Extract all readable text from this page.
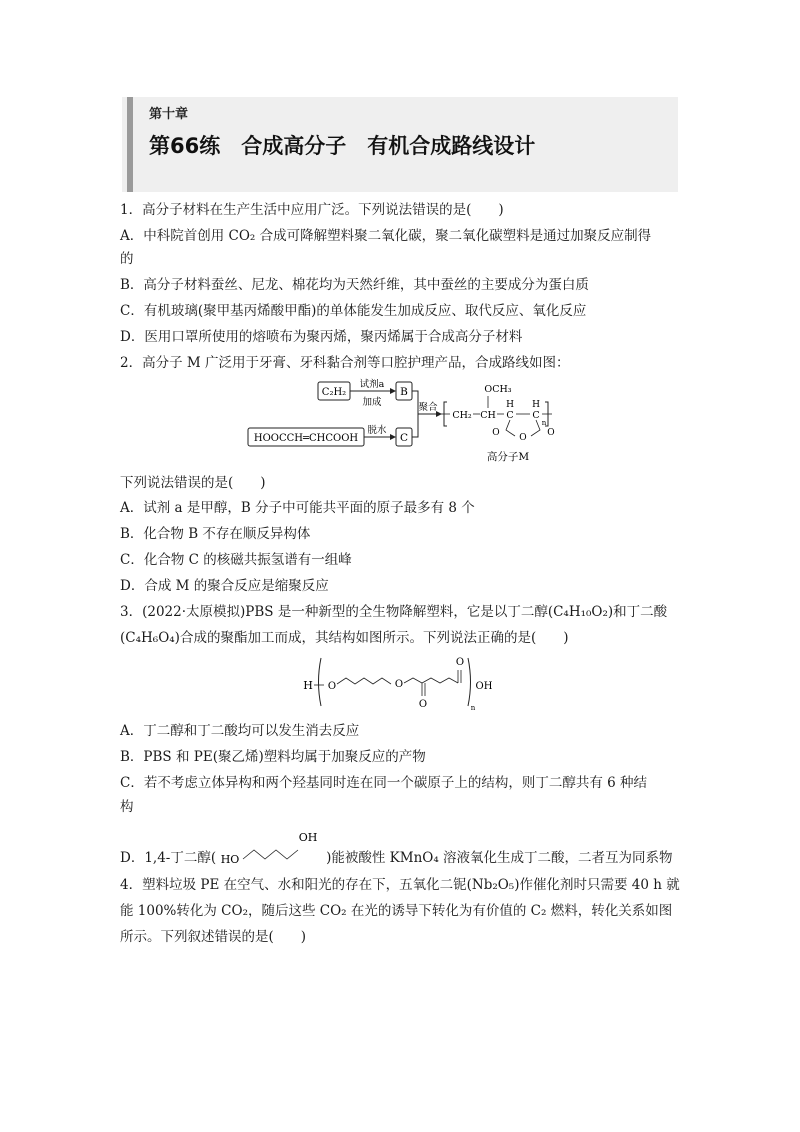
第十章
第66练　合成高分子　有机合成路线设计
1．高分子材料在生产生活中应用广泛。下列说法错误的是(　　)
A．中科院首创用 CO₂ 合成可降解塑料聚二氧化碳，聚二氧化碳塑料是通过加聚反应制得
的
B．高分子材料蚕丝、尼龙、棉花均为天然纤维，其中蚕丝的主要成分为蛋白质
C．有机玻璃(聚甲基丙烯酸甲酯)的单体能发生加成反应、取代反应、氧化反应
D．医用口罩所使用的熔喷布为聚丙烯，聚丙烯属于合成高分子材料
2．高分子 M 广泛用于牙膏、牙科黏合剂等口腔护理产品，合成路线如图：
C₂H₂
试剂a
加成
B
HOOCCH═CHCOOH
脱水
C
聚合
CH₂ CH
OCH₃
H
C
H
C
O O O
n
高分子M
下列说法错误的是(　　)
A．试剂 a 是甲醇，B 分子中可能共平面的原子最多有 8 个
B．化合物 B 不存在顺反异构体
C．化合物 C 的核磁共振氢谱有一组峰
D．合成 M 的聚合反应是缩聚反应
3．(2022·太原模拟)PBS 是一种新型的全生物降解塑料，它是以丁二醇(C₄H₁₀O₂)和丁二酸
(C₄H₆O₄)合成的聚酯加工而成，其结构如图所示。下列说法正确的是(　　)
H O	O
O
O
OH
n
A．丁二醇和丁二酸均可以发生消去反应
B．PBS 和 PE(聚乙烯)塑料均属于加聚反应的产物
C．若不考虑立体异构和两个羟基同时连在同一个碳原子上的结构，则丁二醇共有 6 种结
构
D．1,4-丁二醇( HO
OH
)能被酸性 KMnO₄ 溶液氧化生成丁二酸，二者互为同系物
4．塑料垃圾 PE 在空气、水和阳光的存在下，五氧化二铌(Nb₂O₅)作催化剂时只需要 40 h 就
能 100%转化为 CO₂，随后这些 CO₂ 在光的诱导下转化为有价值的 C₂ 燃料，转化关系如图
所示。下列叙述错误的是(　　)
